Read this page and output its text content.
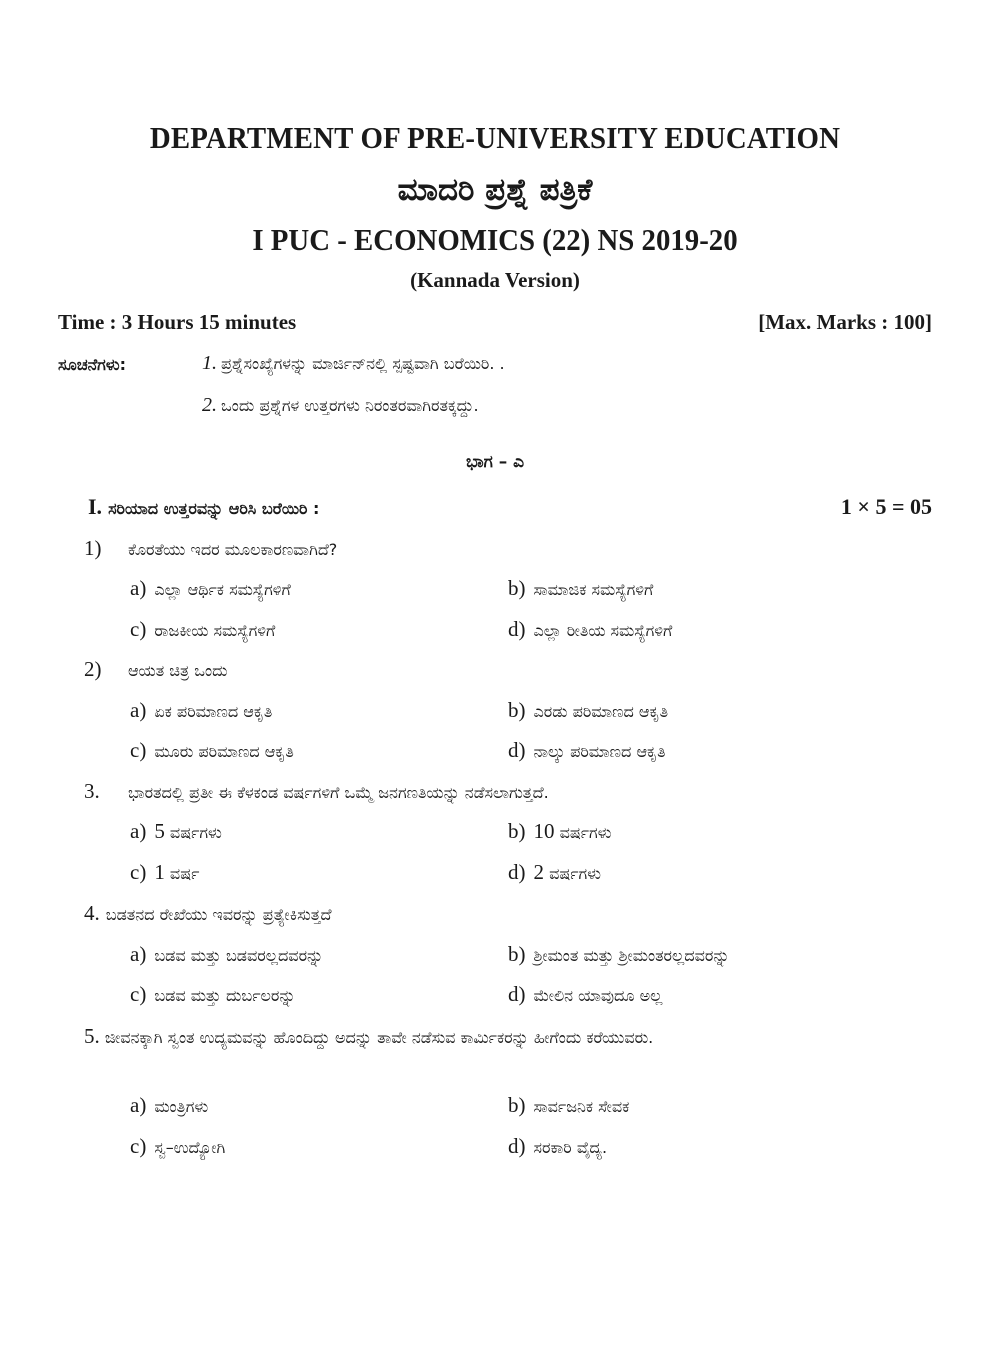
DEPARTMENT OF PRE-UNIVERSITY EDUCATION
ಮಾದರಿ ಪ್ರಶ್ನೆ ಪತ್ರಿಕೆ
I PUC - ECONOMICS (22) NS 2019-20
(Kannada Version)
Time : 3 Hours 15 minutes	[Max. Marks : 100]
ಸೂಚನೆಗಳು:	1. ಪ್ರಶ್ನೆಸಂಖ್ಯೆಗಳನ್ನು ಮಾರ್ಜಿನ್‌ನಲ್ಲಿ ಸ್ಪಷ್ಟವಾಗಿ ಬರೆಯಿರಿ. .
2. ಒಂದು ಪ್ರಶ್ನೆಗಳ ಉತ್ತರಗಳು ನಿರಂತರವಾಗಿರತಕ್ಕದ್ದು.
ಭಾಗ – ಎ
I. ಸರಿಯಾದ ಉತ್ತರವನ್ನು ಆರಿಸಿ ಬರೆಯಿರಿ :	1 × 5 = 05
1) ಕೊರತೆಯು ಇದರ ಮೂಲಕಾರಣವಾಗಿದೆ?
a) ಎಲ್ಲಾ ಆರ್ಥಿಕ ಸಮಸ್ಯೆಗಳಿಗೆ	b) ಸಾಮಾಜಿಕ ಸಮಸ್ಯೆಗಳಿಗೆ
c) ರಾಜಕೀಯ ಸಮಸ್ಯೆಗಳಿಗೆ	d) ಎಲ್ಲಾ ರೀತಿಯ ಸಮಸ್ಯೆಗಳಿಗೆ
2) ಆಯತ ಚಿತ್ರ ಒಂದು
a) ಏಕ ಪರಿಮಾಣದ ಆಕೃತಿ	b) ಎರಡು ಪರಿಮಾಣದ ಆಕೃತಿ
c) ಮೂರು ಪರಿಮಾಣದ ಆಕೃತಿ	d) ನಾಲ್ಕು ಪರಿಮಾಣದ ಆಕೃತಿ
3. ಭಾರತದಲ್ಲಿ ಪ್ರತೀ ಈ ಕೆಳಕಂಡ ವರ್ಷಗಳಿಗೆ ಒಮ್ಮೆ ಜನಗಣತಿಯನ್ನು ನಡೆಸಲಾಗುತ್ತದೆ.
a) 5 ವರ್ಷಗಳು	b) 10 ವರ್ಷಗಳು
c) 1 ವರ್ಷ	d) 2 ವರ್ಷಗಳು
4. ಬಡತನದ ರೇಖೆಯು ಇವರನ್ನು ಪ್ರತ್ಯೇಕಿಸುತ್ತದೆ
a) ಬಡವ ಮತ್ತು ಬಡವರಲ್ಲದವರನ್ನು	b) ಶ್ರೀಮಂತ ಮತ್ತು ಶ್ರೀಮಂತರಲ್ಲದವರನ್ನು
c) ಬಡವ ಮತ್ತು ದುರ್ಬಲರನ್ನು	d) ಮೇಲಿನ ಯಾವುದೂ ಅಲ್ಲ
5. ಜೀವನಕ್ಕಾಗಿ ಸ್ವಂತ ಉದ್ಯಮವನ್ನು ಹೊಂದಿದ್ದು ಅದನ್ನು ತಾವೇ ನಡೆಸುವ ಕಾರ್ಮಿಕರನ್ನು ಹೀಗೆಂದು ಕರೆಯುವರು.
a) ಮಂತ್ರಿಗಳು	b) ಸಾರ್ವಜನಿಕ ಸೇವಕ
c) ಸ್ವ–ಉದ್ಯೋಗಿ	d) ಸರಕಾರಿ ವೈದ್ಯ.
